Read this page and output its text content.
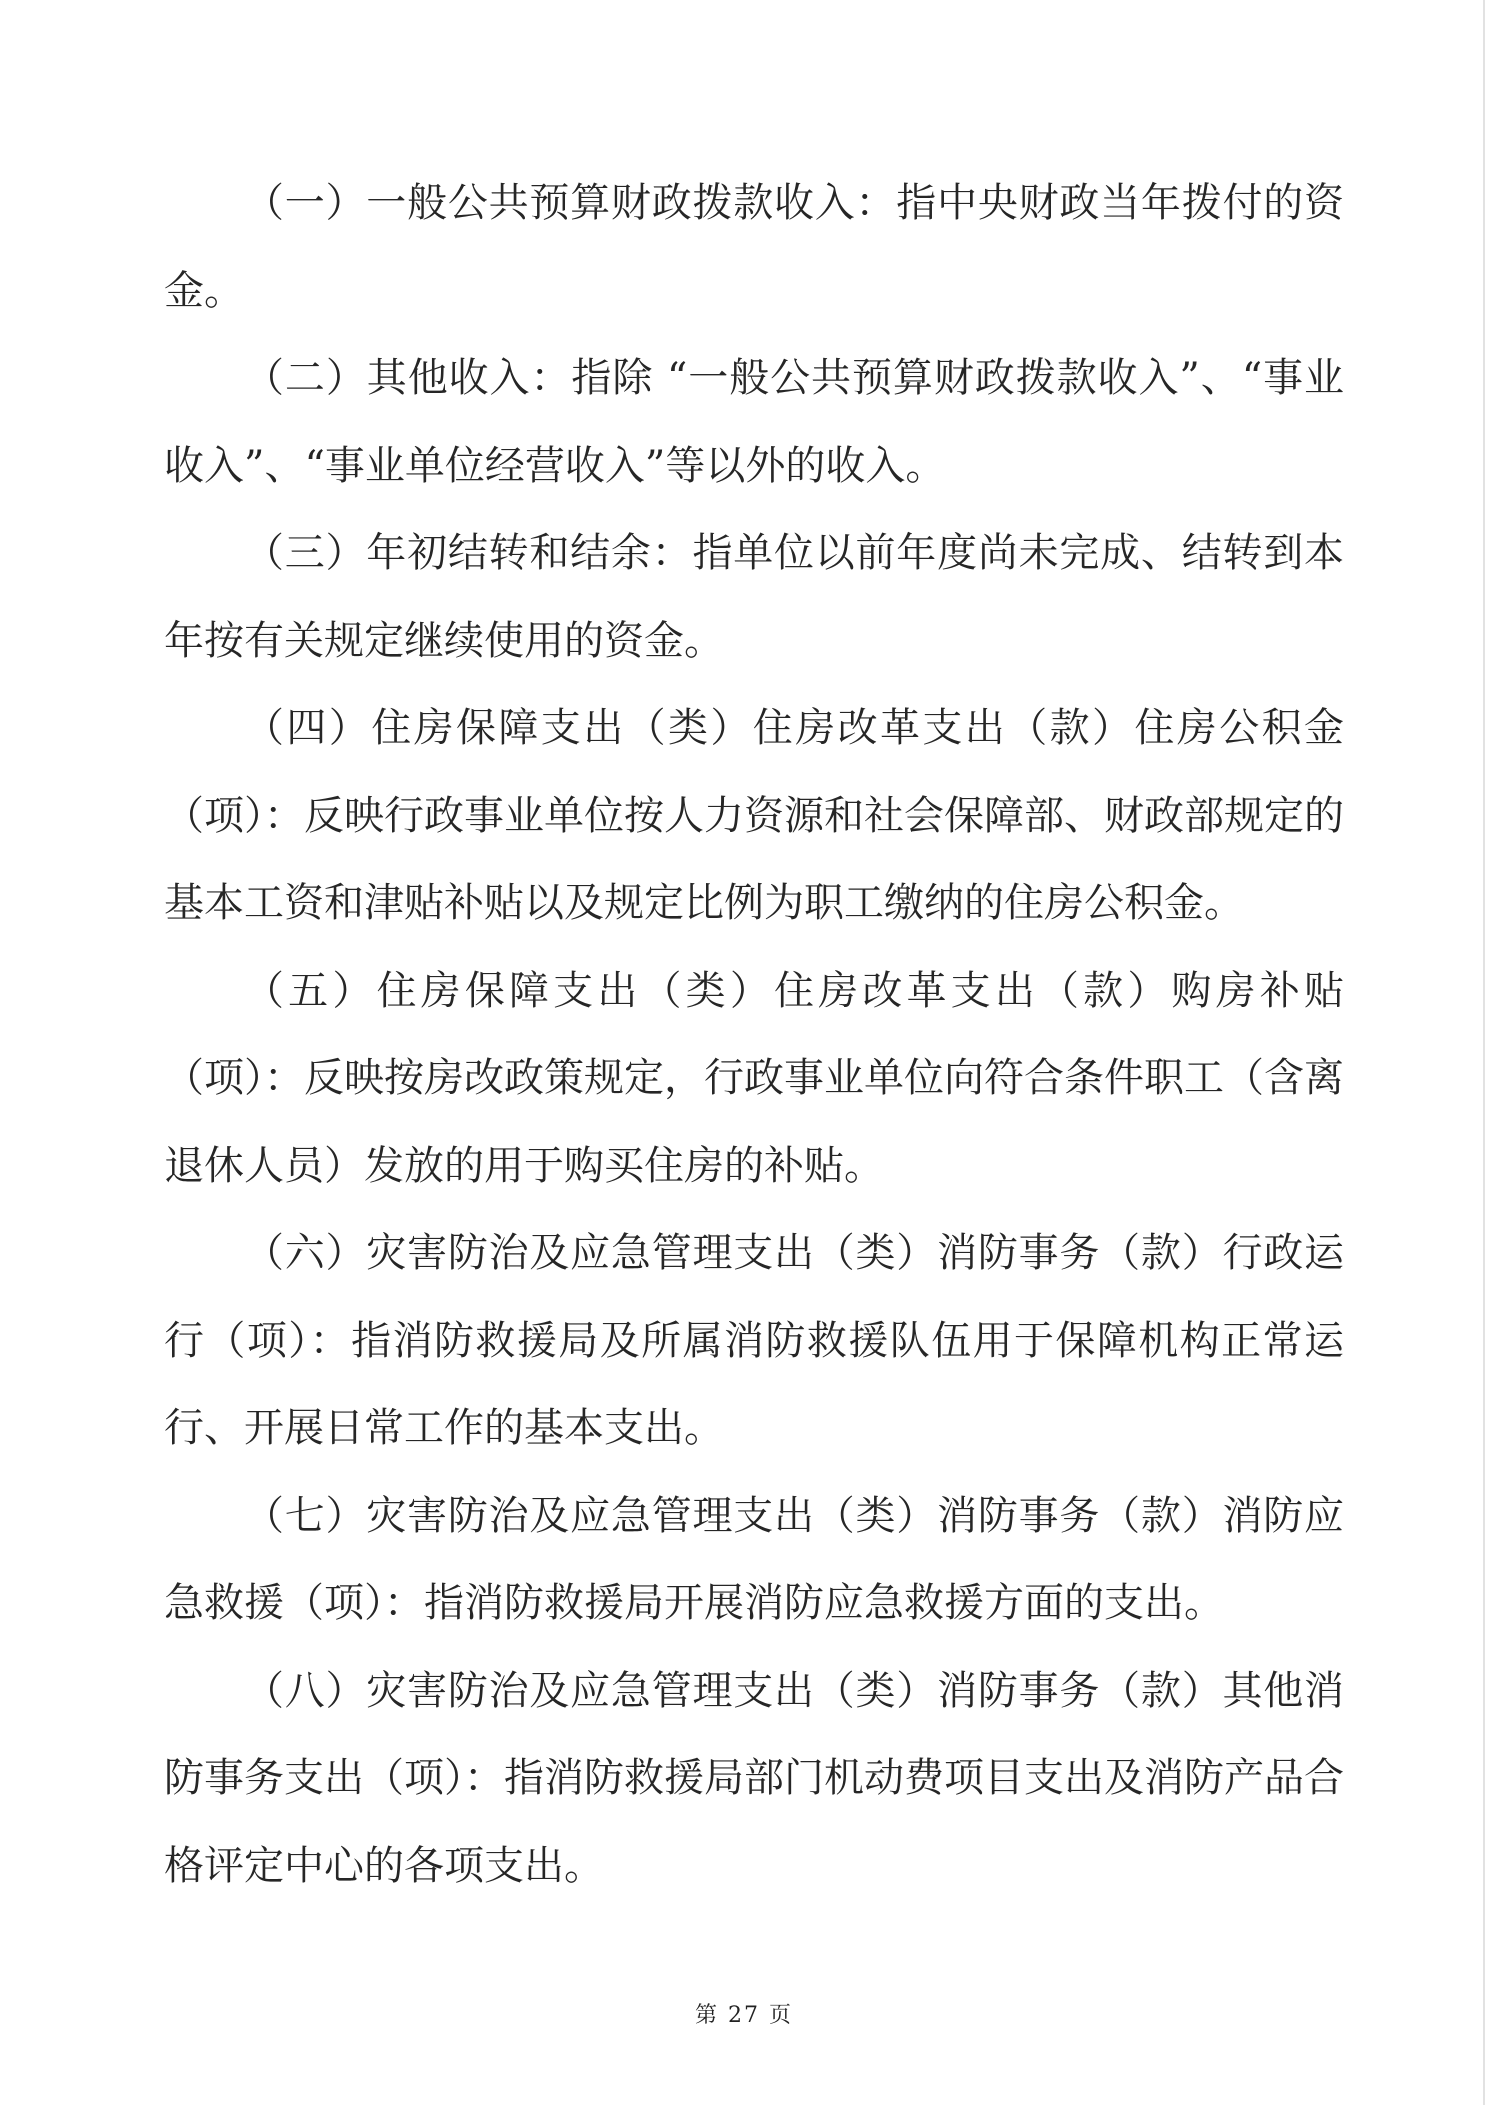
（一）一般公共预算财政拨款收入：指中央财政当年拨付的资金。

（二）其他收入：指除 “一般公共预算财政拨款收入”、“事业收入”、“事业单位经营收入”等以外的收入。

（三）年初结转和结余：指单位以前年度尚未完成、结转到本年按有关规定继续使用的资金。

（四）住房保障支出（类）住房改革支出（款）住房公积金（项）：反映行政事业单位按人力资源和社会保障部、财政部规定的基本工资和津贴补贴以及规定比例为职工缴纳的住房公积金。

（五）住房保障支出（类）住房改革支出（款）购房补贴（项）：反映按房改政策规定，行政事业单位向符合条件职工（含离退休人员）发放的用于购买住房的补贴。

（六）灾害防治及应急管理支出（类）消防事务（款）行政运行（项）：指消防救援局及所属消防救援队伍用于保障机构正常运行、开展日常工作的基本支出。

（七）灾害防治及应急管理支出（类）消防事务（款）消防应急救援（项）：指消防救援局开展消防应急救援方面的支出。

（八）灾害防治及应急管理支出（类）消防事务（款）其他消防事务支出（项）：指消防救援局部门机动费项目支出及消防产品合格评定中心的各项支出。

第 27 页
